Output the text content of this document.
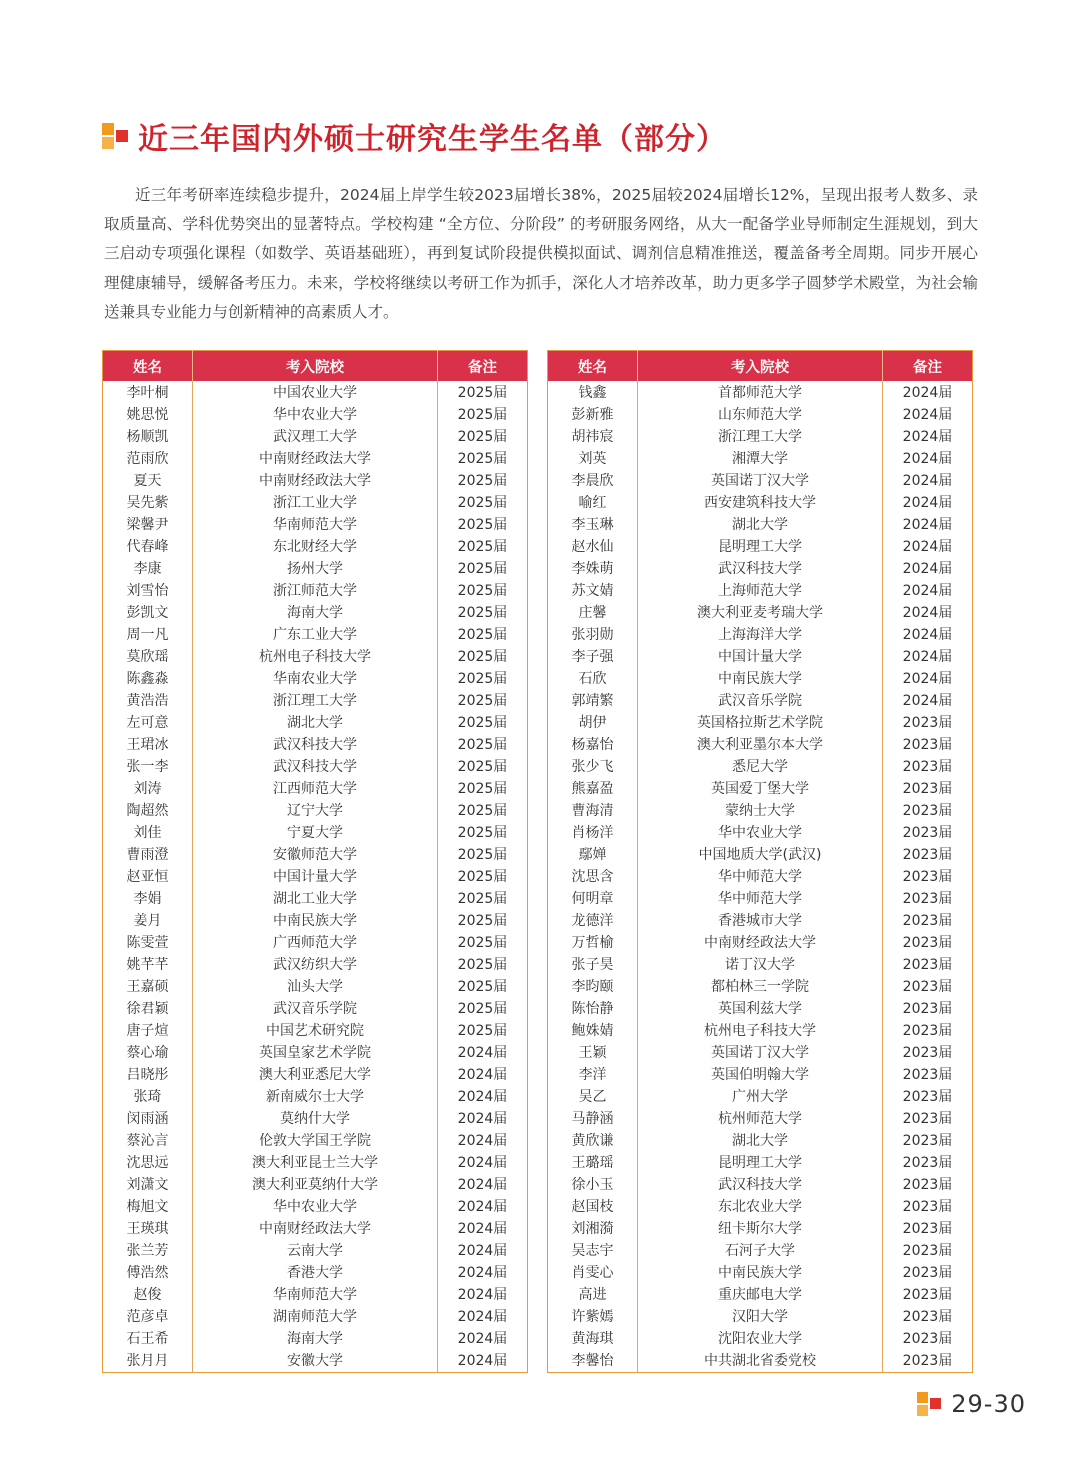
近三年国内外硕士研究生学生名单（部分）

近三年考研率连续稳步提升，2024届上岸学生较2023届增长38%，2025届较2024届增长12%，呈现出报考人数多、录取质量高、学科优势突出的显著特点。学校构建 “全方位、分阶段” 的考研服务网络，从大一配备学业导师制定生涯规划，到大三启动专项强化课程（如数学、英语基础班），再到复试阶段提供模拟面试、调剂信息精准推送，覆盖备考全周期。同步开展心理健康辅导，缓解备考压力。未来，学校将继续以考研工作为抓手，深化人才培养改革，助力更多学子圆梦学术殿堂，为社会输送兼具专业能力与创新精神的高素质人才。

姓名	考入院校	备注
李叶桐	中国农业大学	2025届
姚思悦	华中农业大学	2025届
杨顺凯	武汉理工大学	2025届
范雨欣	中南财经政法大学	2025届
夏天	中南财经政法大学	2025届
吴先紫	浙江工业大学	2025届
梁馨尹	华南师范大学	2025届
代春峰	东北财经大学	2025届
李康	扬州大学	2025届
刘雪怡	浙江师范大学	2025届
彭凯文	海南大学	2025届
周一凡	广东工业大学	2025届
莫欣瑶	杭州电子科技大学	2025届
陈鑫淼	华南农业大学	2025届
黄浩浩	浙江理工大学	2025届
左可意	湖北大学	2025届
王珺冰	武汉科技大学	2025届
张一李	武汉科技大学	2025届
刘涛	江西师范大学	2025届
陶超然	辽宁大学	2025届
刘佳	宁夏大学	2025届
曹雨澄	安徽师范大学	2025届
赵亚恒	中国计量大学	2025届
李娟	湖北工业大学	2025届
姜月	中南民族大学	2025届
陈雯萱	广西师范大学	2025届
姚芊芊	武汉纺织大学	2025届
王嘉硕	汕头大学	2025届
徐君颖	武汉音乐学院	2025届
唐子煊	中国艺术研究院	2025届
蔡心瑜	英国皇家艺术学院	2024届
吕晓彤	澳大利亚悉尼大学	2024届
张琦	新南威尔士大学	2024届
闵雨涵	莫纳什大学	2024届
蔡沁言	伦敦大学国王学院	2024届
沈思远	澳大利亚昆士兰大学	2024届
刘潇文	澳大利亚莫纳什大学	2024届
梅旭文	华中农业大学	2024届
王瑛琪	中南财经政法大学	2024届
张兰芳	云南大学	2024届
傅浩然	香港大学	2024届
赵俊	华南师范大学	2024届
范彦卓	湖南师范大学	2024届
石王希	海南大学	2024届
张月月	安徽大学	2024届
姓名	考入院校	备注
钱鑫	首都师范大学	2024届
彭新雅	山东师范大学	2024届
胡祎宸	浙江理工大学	2024届
刘英	湘潭大学	2024届
李晨欣	英国诺丁汉大学	2024届
喻红	西安建筑科技大学	2024届
李玉琳	湖北大学	2024届
赵水仙	昆明理工大学	2024届
李姝萌	武汉科技大学	2024届
苏文婧	上海师范大学	2024届
庄馨	澳大利亚麦考瑞大学	2024届
张羽勋	上海海洋大学	2024届
李子强	中国计量大学	2024届
石欣	中南民族大学	2024届
郭靖繁	武汉音乐学院	2024届
胡伊	英国格拉斯艺术学院	2023届
杨嘉怡	澳大利亚墨尔本大学	2023届
张少飞	悉尼大学	2023届
熊嘉盈	英国爱丁堡大学	2023届
曹海清	蒙纳士大学	2023届
肖杨洋	华中农业大学	2023届
鄢婵	中国地质大学(武汉)	2023届
沈思含	华中师范大学	2023届
何明章	华中师范大学	2023届
龙德洋	香港城市大学	2023届
万哲榆	中南财经政法大学	2023届
张子昊	诺丁汉大学	2023届
李昀颐	都柏林三一学院	2023届
陈怡静	英国利兹大学	2023届
鲍姝婧	杭州电子科技大学	2023届
王颖	英国诺丁汉大学	2023届
李洋	英国伯明翰大学	2023届
吴乙	广州大学	2023届
马静涵	杭州师范大学	2023届
黄欣谦	湖北大学	2023届
王璐瑶	昆明理工大学	2023届
徐小玉	武汉科技大学	2023届
赵国枝	东北农业大学	2023届
刘湘漪	纽卡斯尔大学	2023届
吴志宇	石河子大学	2023届
肖雯心	中南民族大学	2023届
高进	重庆邮电大学	2023届
许紫嫣	汉阳大学	2023届
黄海琪	沈阳农业大学	2023届
李馨怡	中共湖北省委党校	2023届
29-30
